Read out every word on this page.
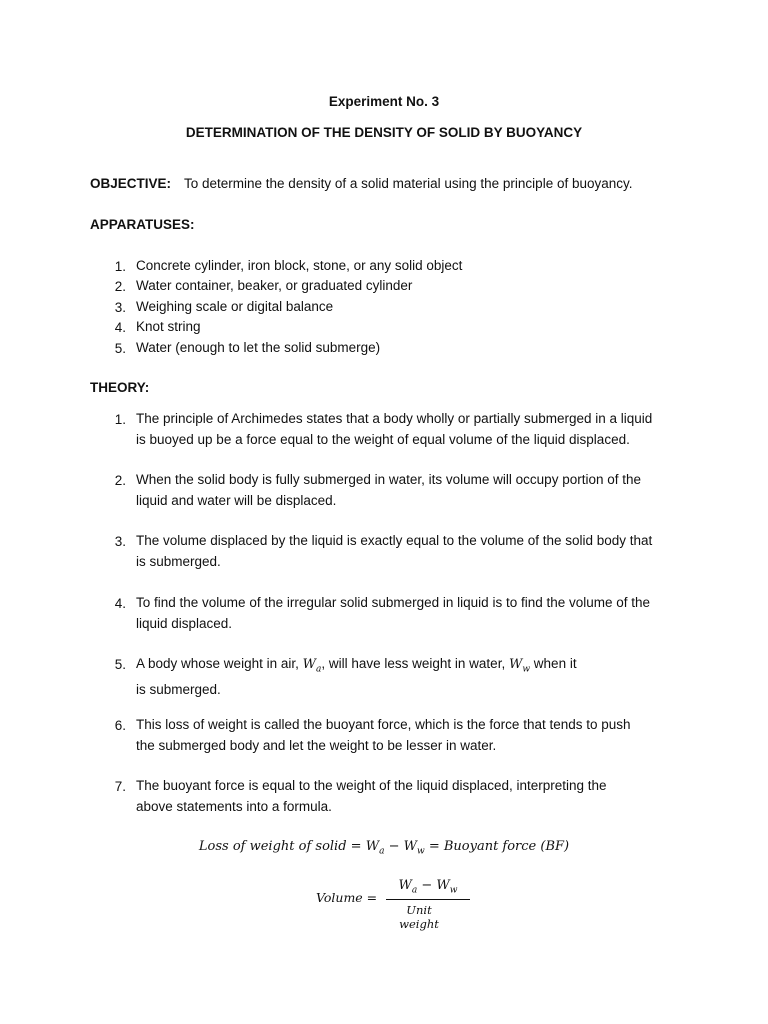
Experiment No. 3
DETERMINATION OF THE DENSITY OF SOLID BY BUOYANCY
OBJECTIVE: To determine the density of a solid material using the principle of buoyancy.
APPARATUSES:
1. Concrete cylinder, iron block, stone, or any solid object
2. Water container, beaker, or graduated cylinder
3. Weighing scale or digital balance
4. Knot string
5. Water (enough to let the solid submerge)
THEORY:
1. The principle of Archimedes states that a body wholly or partially submerged in a liquid
is buoyed up be a force equal to the weight of equal volume of the liquid displaced.
2. When the solid body is fully submerged in water, its volume will occupy portion of the
liquid and water will be displaced.
3. The volume displaced by the liquid is exactly equal to the volume of the solid body that
is submerged.
4. To find the volume of the irregular solid submerged in liquid is to find the volume of the
liquid displaced.
5. A body whose weight in air, $W_a$, will have less weight in water, $W_w$ when it
is submerged.
6. This loss of weight is called the buoyant force, which is the force that tends to push
the submerged body and let the weight to be lesser in water.
7. The buoyant force is equal to the weight of the liquid displaced, interpreting the
above statements into a formula.
Loss of weight of solid = $W_a - W_w$ = Buoyant force (BF)
Volume =
$W_a - W_w$
Unit weight
